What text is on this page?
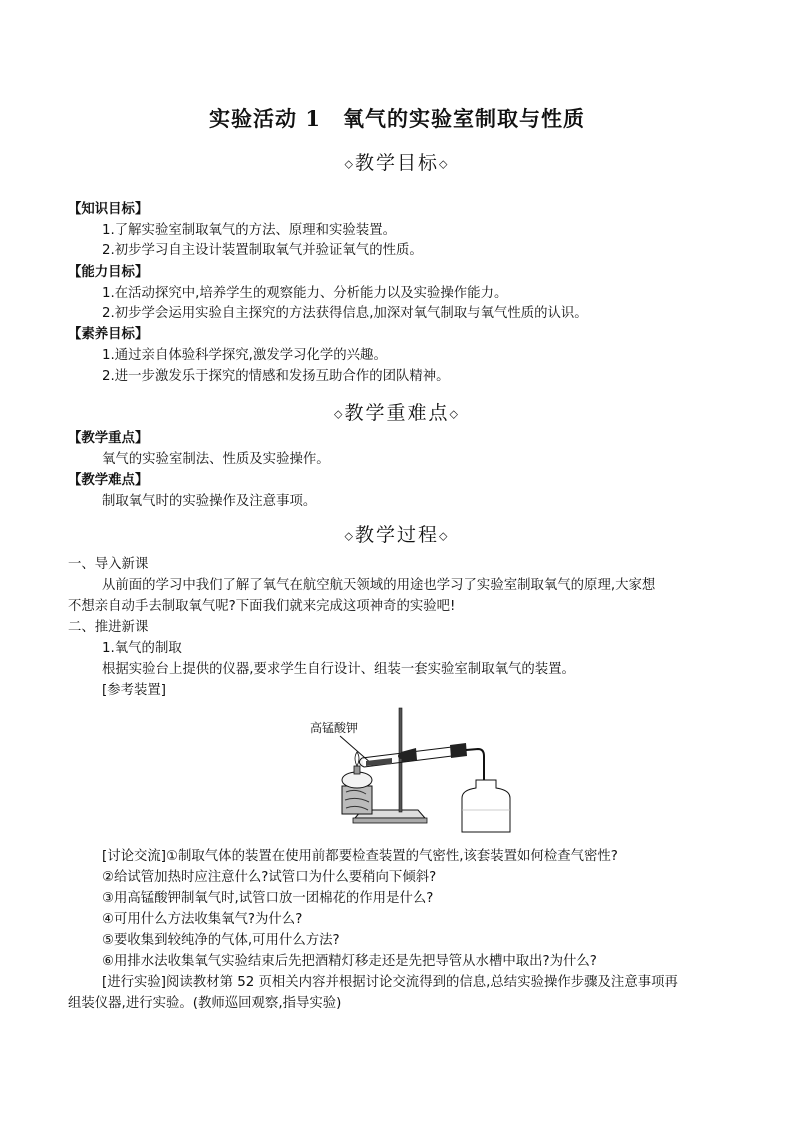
实验活动 1　氧气的实验室制取与性质
◇教学目标◇
【知识目标】
1.了解实验室制取氧气的方法、原理和实验装置。
2.初步学习自主设计装置制取氧气并验证氧气的性质。
【能力目标】
1.在活动探究中,培养学生的观察能力、分析能力以及实验操作能力。
2.初步学会运用实验自主探究的方法获得信息,加深对氧气制取与氧气性质的认识。
【素养目标】
1.通过亲自体验科学探究,激发学习化学的兴趣。
2.进一步激发乐于探究的情感和发扬互助合作的团队精神。
◇教学重难点◇
【教学重点】
氧气的实验室制法、性质及实验操作。
【教学难点】
制取氧气时的实验操作及注意事项。
◇教学过程◇
一、导入新课
从前面的学习中我们了解了氧气在航空航天领域的用途也学习了实验室制取氧气的原理,大家想
不想亲自动手去制取氧气呢?下面我们就来完成这项神奇的实验吧!
二、推进新课
1.氧气的制取
根据实验台上提供的仪器,要求学生自行设计、组装一套实验室制取氧气的装置。
[参考装置]
高锰酸钾
[讨论交流]①制取气体的装置在使用前都要检查装置的气密性,该套装置如何检查气密性?
②给试管加热时应注意什么?试管口为什么要稍向下倾斜?
③用高锰酸钾制氧气时,试管口放一团棉花的作用是什么?
④可用什么方法收集氧气?为什么?
⑤要收集到较纯净的气体,可用什么方法?
⑥用排水法收集氧气实验结束后先把酒精灯移走还是先把导管从水槽中取出?为什么?
[进行实验]阅读教材第 52 页相关内容并根据讨论交流得到的信息,总结实验操作步骤及注意事项再
组装仪器,进行实验。(教师巡回观察,指导实验)
